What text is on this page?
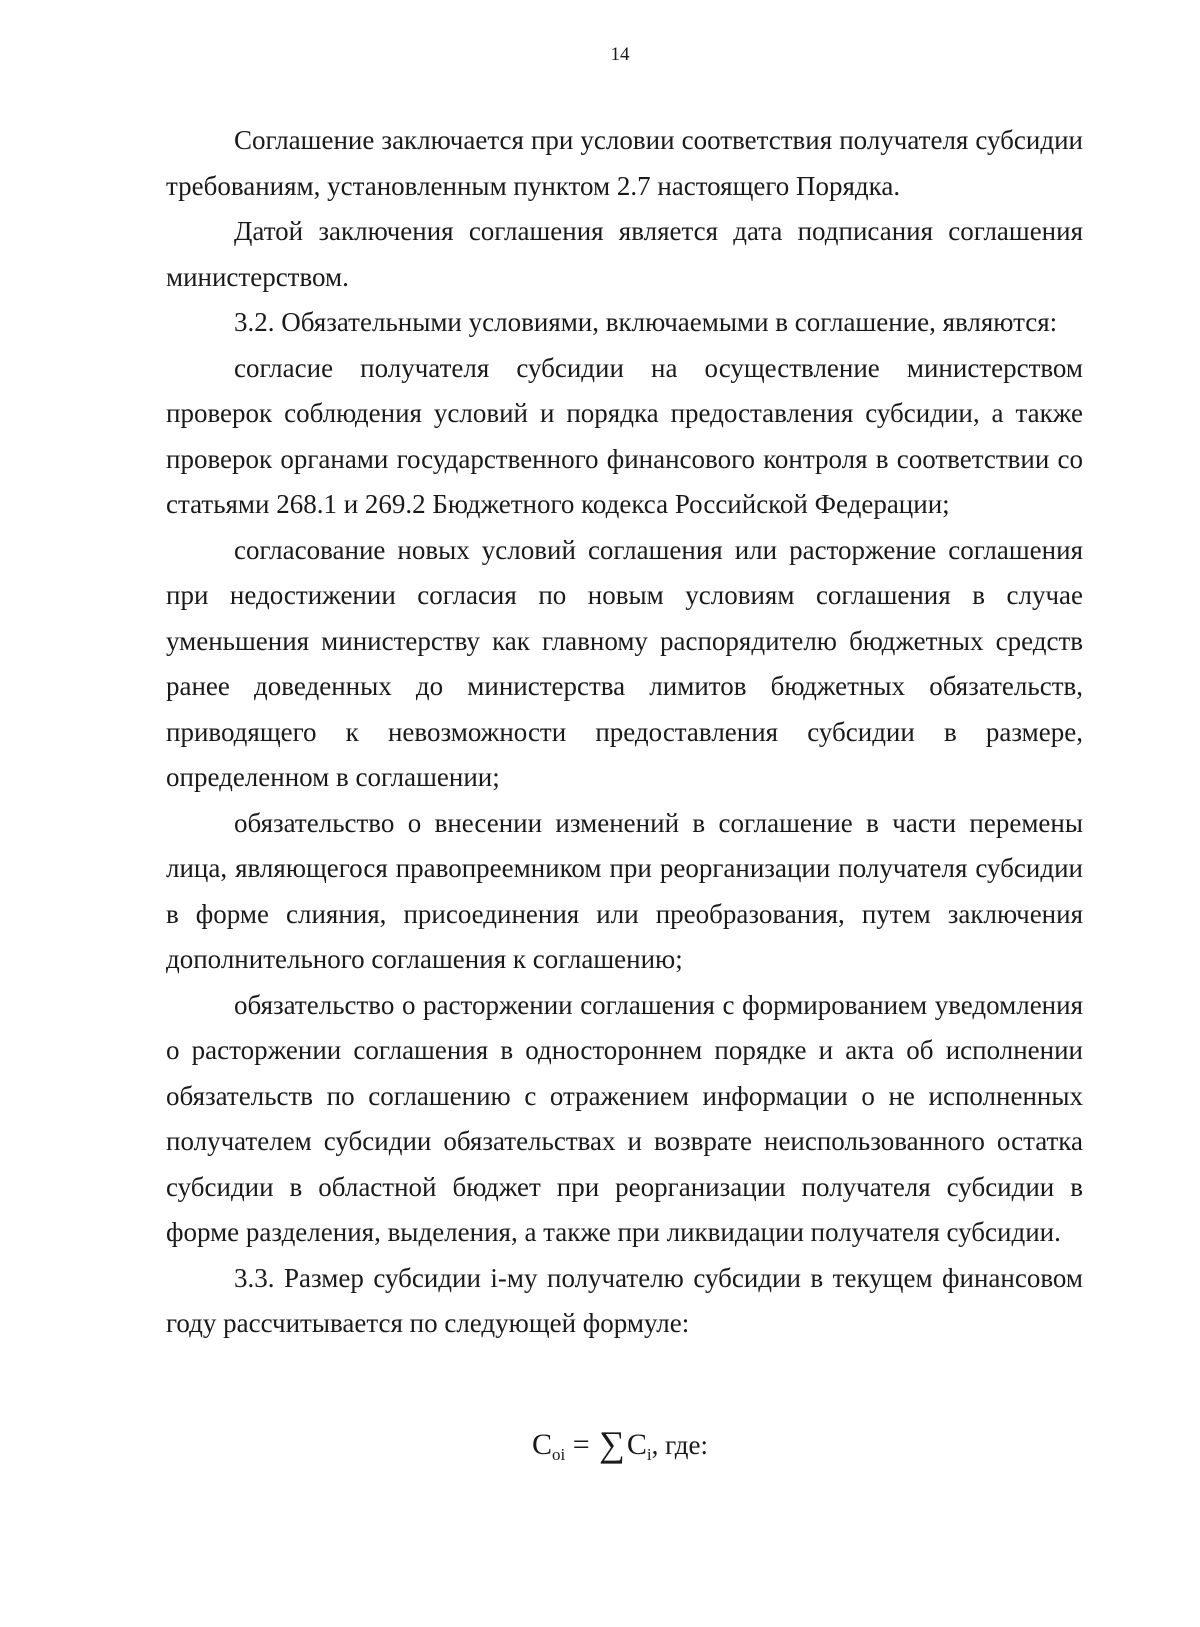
14

Соглашение заключается при условии соответствия получателя субсидии требованиям, установленным пунктом 2.7 настоящего Порядка.

Датой заключения соглашения является дата подписания соглашения министерством.

3.2. Обязательными условиями, включаемыми в соглашение, являются:

согласие получателя субсидии на осуществление министерством проверок соблюдения условий и порядка предоставления субсидии, а также проверок органами государственного финансового контроля в соответствии со статьями 268.1 и 269.2 Бюджетного кодекса Российской Федерации;

согласование новых условий соглашения или расторжение соглашения при недостижении согласия по новым условиям соглашения в случае уменьшения министерству как главному распорядителю бюджетных средств ранее доведенных до министерства лимитов бюджетных обязательств, приводящего к невозможности предоставления субсидии в размере, определенном в соглашении;

обязательство о внесении изменений в соглашение в части перемены лица, являющегося правопреемником при реорганизации получателя субсидии в форме слияния, присоединения или преобразования, путем заключения дополнительного соглашения к соглашению;

обязательство о расторжении соглашения с формированием уведомления о расторжении соглашения в одностороннем порядке и акта об исполнении обязательств по соглашению с отражением информации о не исполненных получателем субсидии обязательствах и возврате неиспользованного остатка субсидии в областной бюджет при реорганизации получателя субсидии в форме разделения, выделения, а также при ликвидации получателя субсидии.

3.3. Размер субсидии i-му получателю субсидии в текущем финансовом году рассчитывается по следующей формуле:

$C_{oi} = \sum C_i$, где:
